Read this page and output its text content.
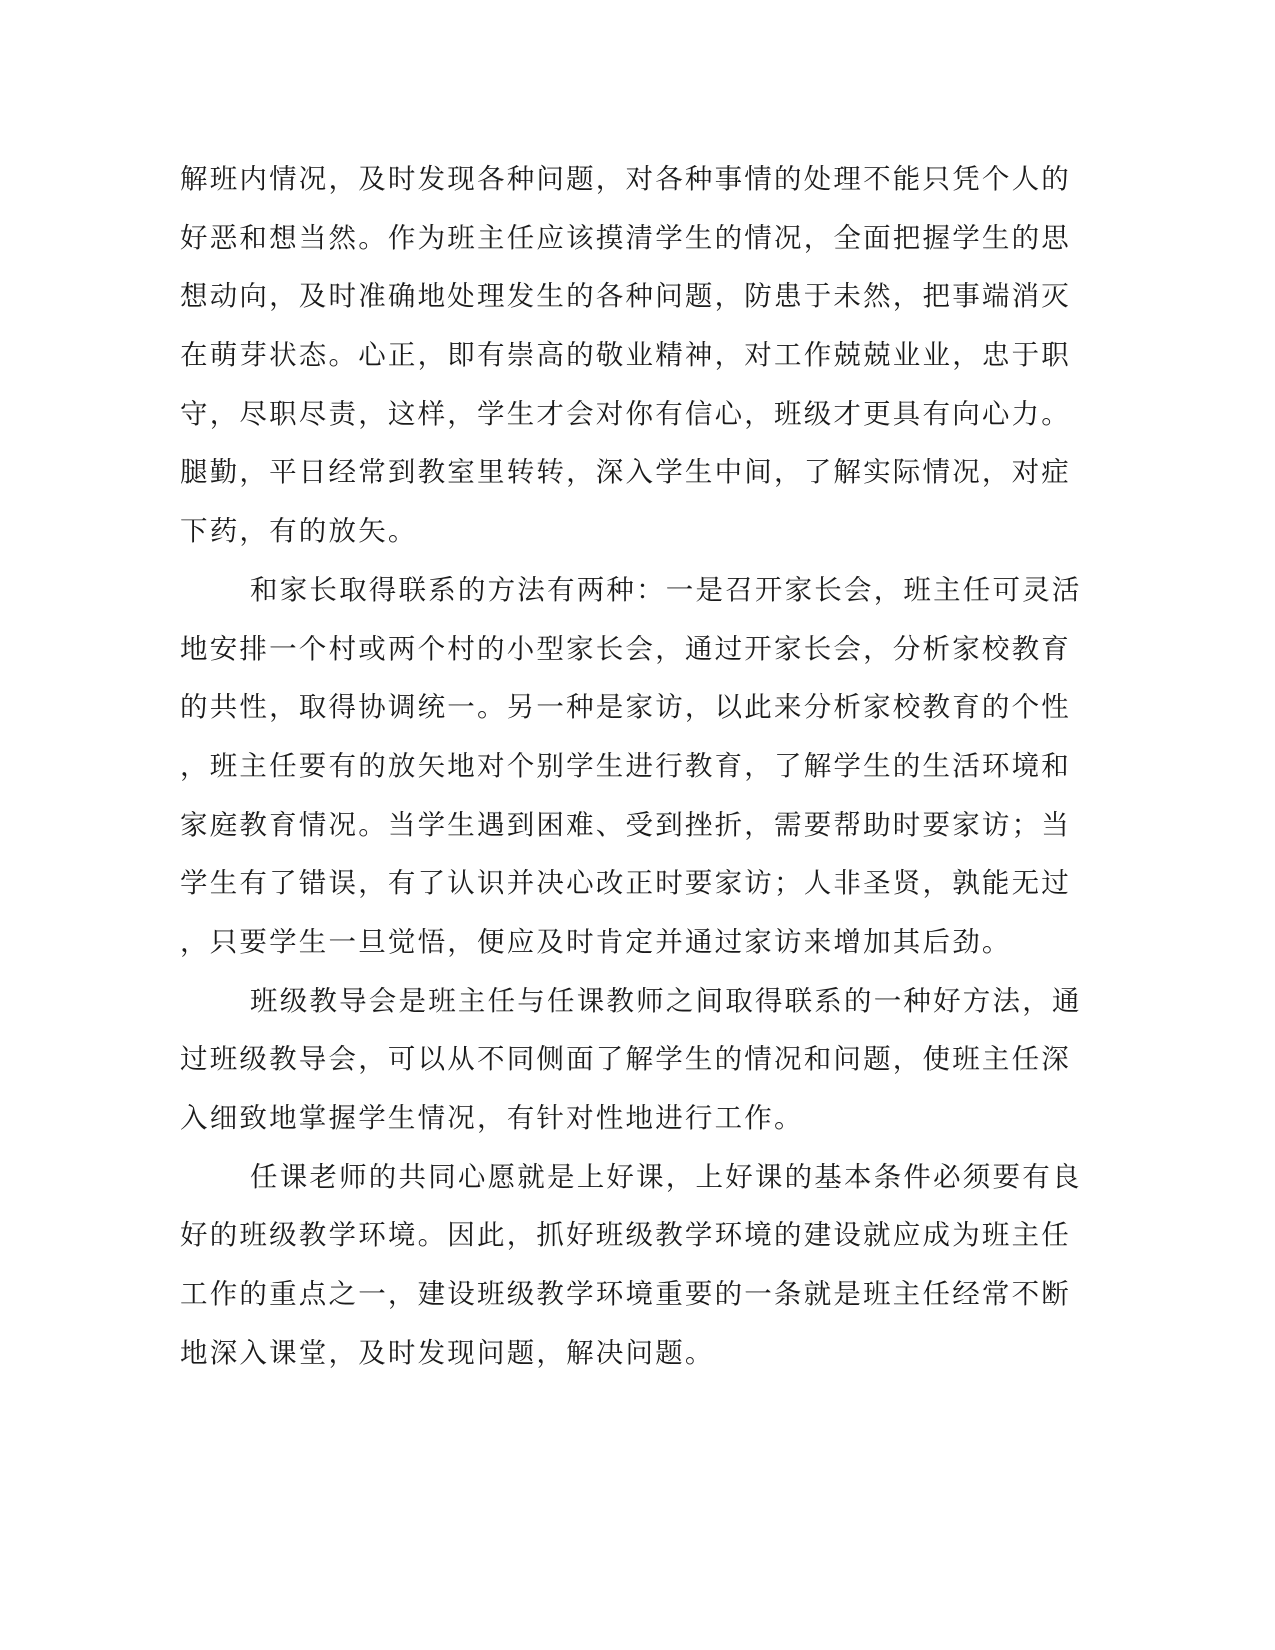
解班内情况，及时发现各种问题，对各种事情的处理不能只凭个人的
好恶和想当然。作为班主任应该摸清学生的情况，全面把握学生的思
想动向，及时准确地处理发生的各种问题，防患于未然，把事端消灭
在萌芽状态。心正，即有崇高的敬业精神，对工作兢兢业业，忠于职
守，尽职尽责，这样，学生才会对你有信心，班级才更具有向心力。
腿勤，平日经常到教室里转转，深入学生中间，了解实际情况，对症
下药，有的放矢。
和家长取得联系的方法有两种：一是召开家长会，班主任可灵活
地安排一个村或两个村的小型家长会，通过开家长会，分析家校教育
的共性，取得协调统一。另一种是家访，以此来分析家校教育的个性
，班主任要有的放矢地对个别学生进行教育，了解学生的生活环境和
家庭教育情况。当学生遇到困难、受到挫折，需要帮助时要家访；当
学生有了错误，有了认识并决心改正时要家访；人非圣贤，孰能无过
，只要学生一旦觉悟，便应及时肯定并通过家访来增加其后劲。
班级教导会是班主任与任课教师之间取得联系的一种好方法，通
过班级教导会，可以从不同侧面了解学生的情况和问题，使班主任深
入细致地掌握学生情况，有针对性地进行工作。
任课老师的共同心愿就是上好课，上好课的基本条件必须要有良
好的班级教学环境。因此，抓好班级教学环境的建设就应成为班主任
工作的重点之一，建设班级教学环境重要的一条就是班主任经常不断
地深入课堂，及时发现问题，解决问题。
